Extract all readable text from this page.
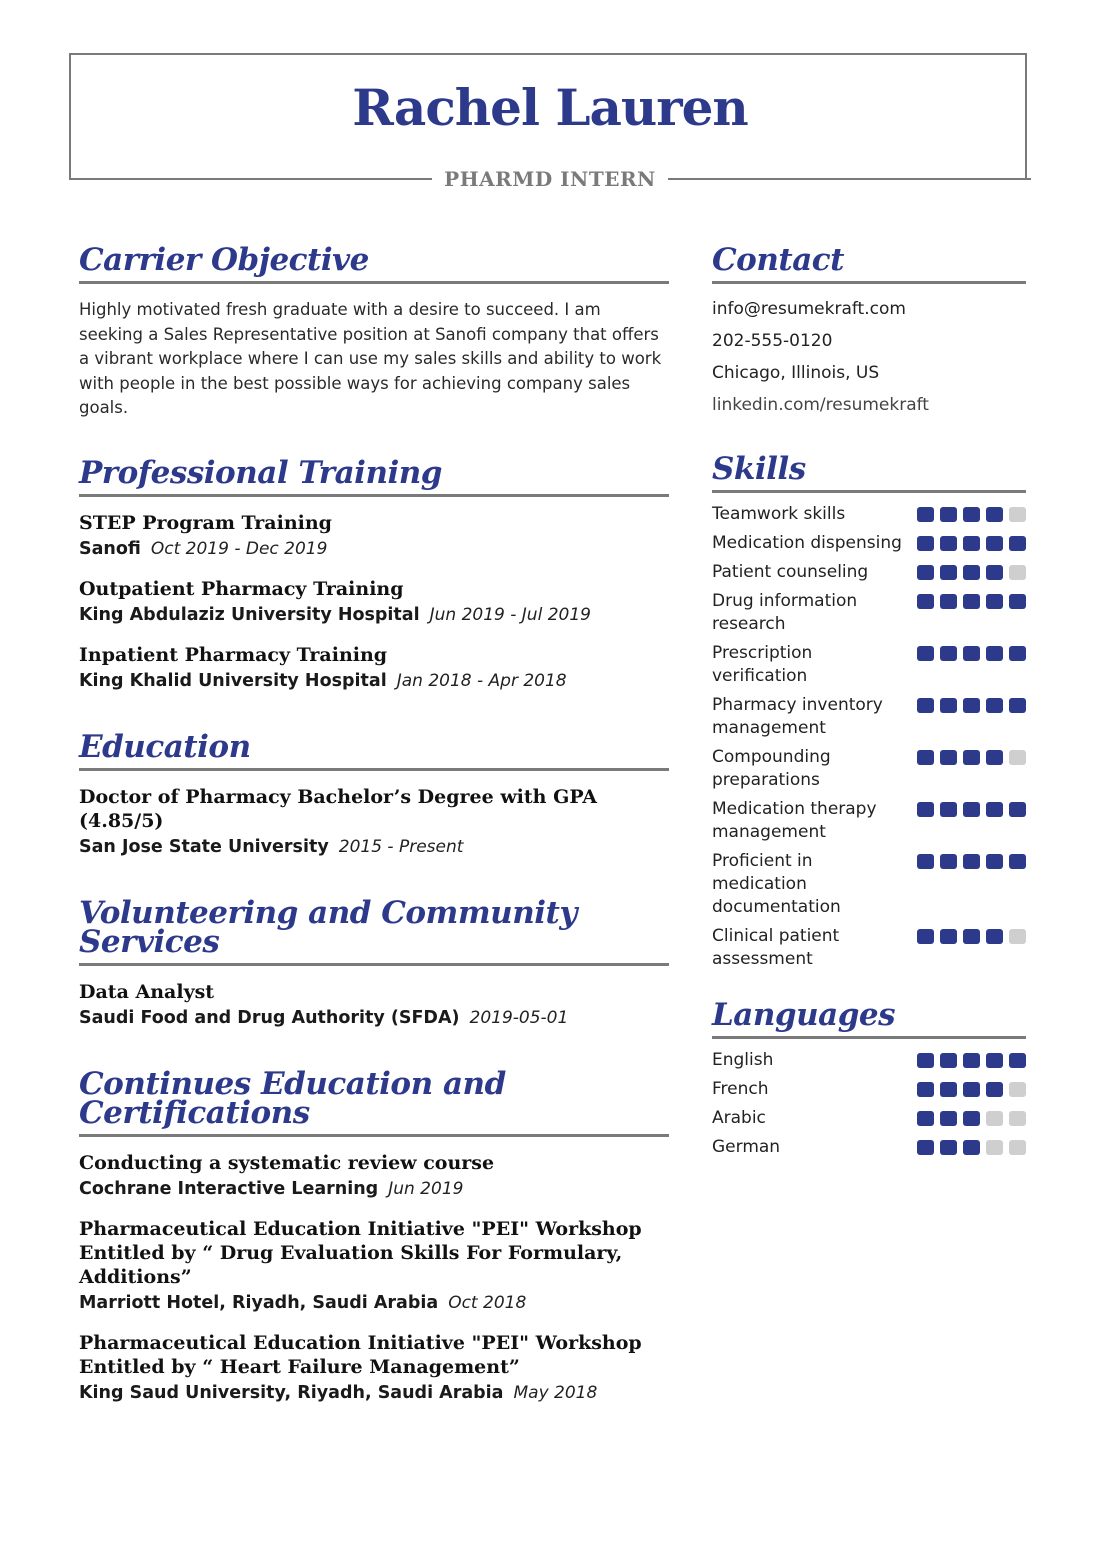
Rachel Lauren
PHARMD INTERN
Carrier Objective
Highly motivated fresh graduate with a desire to succeed. I am seeking a Sales Representative position at Sanofi company that offers a vibrant workplace where I can use my sales skills and ability to work with people in the best possible ways for achieving company sales goals.
Professional Training
STEP Program Training
Sanofi Oct 2019 - Dec 2019
Outpatient Pharmacy Training
King Abdulaziz University Hospital Jun 2019 - Jul 2019
Inpatient Pharmacy Training
King Khalid University Hospital Jan 2018 - Apr 2018
Education
Doctor of Pharmacy Bachelor’s Degree with GPA (4.85/5)
San Jose State University 2015 - Present
Volunteering and Community Services
Data Analyst
Saudi Food and Drug Authority (SFDA) 2019-05-01
Continues Education and Certifications
Conducting a systematic review course
Cochrane Interactive Learning Jun 2019
Pharmaceutical Education Initiative "PEI" Workshop Entitled by “ Drug Evaluation Skills For Formulary, Additions”
Marriott Hotel, Riyadh, Saudi Arabia Oct 2018
Pharmaceutical Education Initiative "PEI" Workshop Entitled by “ Heart Failure Management”
King Saud University, Riyadh, Saudi Arabia May 2018
Contact
info@resumekraft.com
202-555-0120
Chicago, Illinois, US
linkedin.com/resumekraft
Skills
Teamwork skills
Medication dispensing
Patient counseling
Drug information research
Prescription verification
Pharmacy inventory management
Compounding preparations
Medication therapy management
Proficient in medication documentation
Clinical patient assessment
Languages
English
French
Arabic
German
